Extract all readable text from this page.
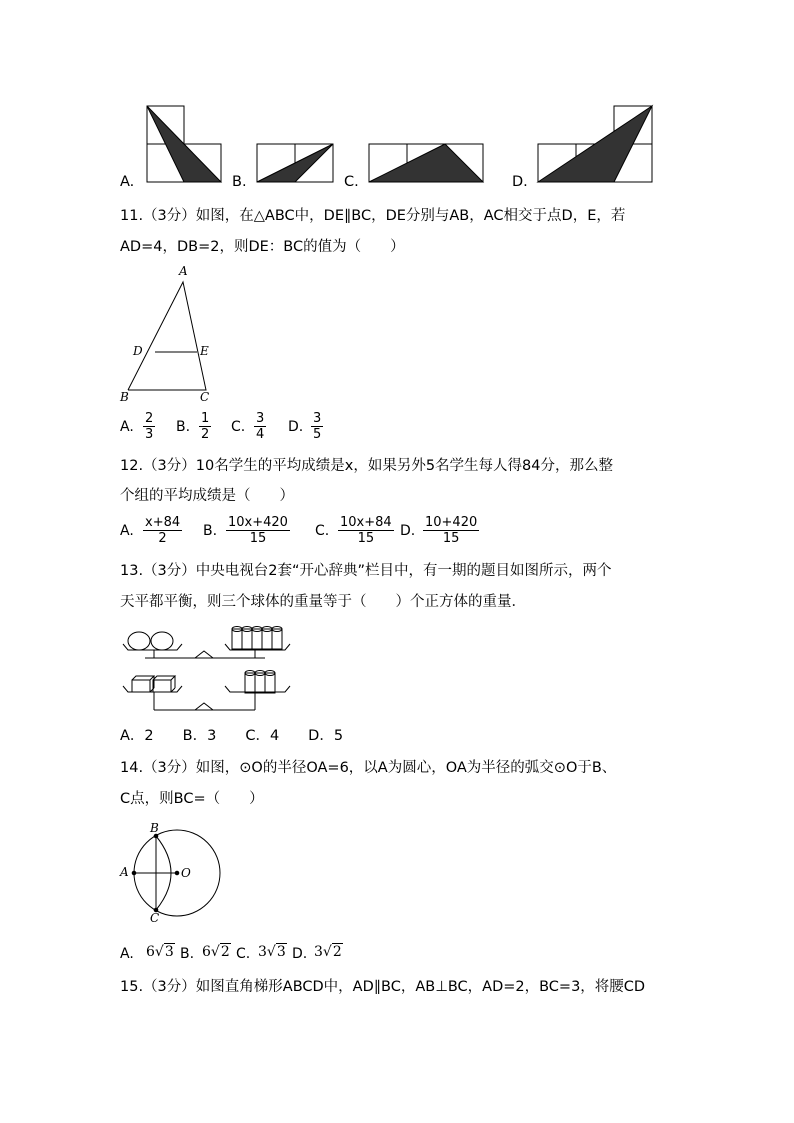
A.	B.	C.	D.
11.（3分）如图，在△ABC中，DE∥BC，DE分别与AB，AC相交于点D，E，若
AD=4，DB=2，则DE：BC的值为（　　）
A
D	E
B	C
A. $\frac{2}{3} B$. $\frac{1}{2} C$. $\frac{3}{4} D$. $\frac{3}{5}$
12.（3分）10名学生的平均成绩是x，如果另外5名学生每人得84分，那么整
个组的平均成绩是（　　）
A. $\frac{x+84}{2} B$. $\frac{10x+420}{15} C$. $\frac{10x+84}{15} D$. $\frac{10+420}{15}$
13.（3分）中央电视台2套“开心辞典”栏目中，有一期的题目如图所示，两个
天平都平衡，则三个球体的重量等于（　　）个正方体的重量．
A．2　　B．3　　C．4　　D．5
14.（3分）如图，⊙O的半径OA=6，以A为圆心，OA为半径的弧交⊙O于B、
C点，则BC=（　　）
B
A	O
C
A. 6√3 B. 6√2 C. 3√3 D. 3√2
15.（3分）如图直角梯形ABCD中，AD∥BC，AB⊥BC，AD=2，BC=3，将腰CD
